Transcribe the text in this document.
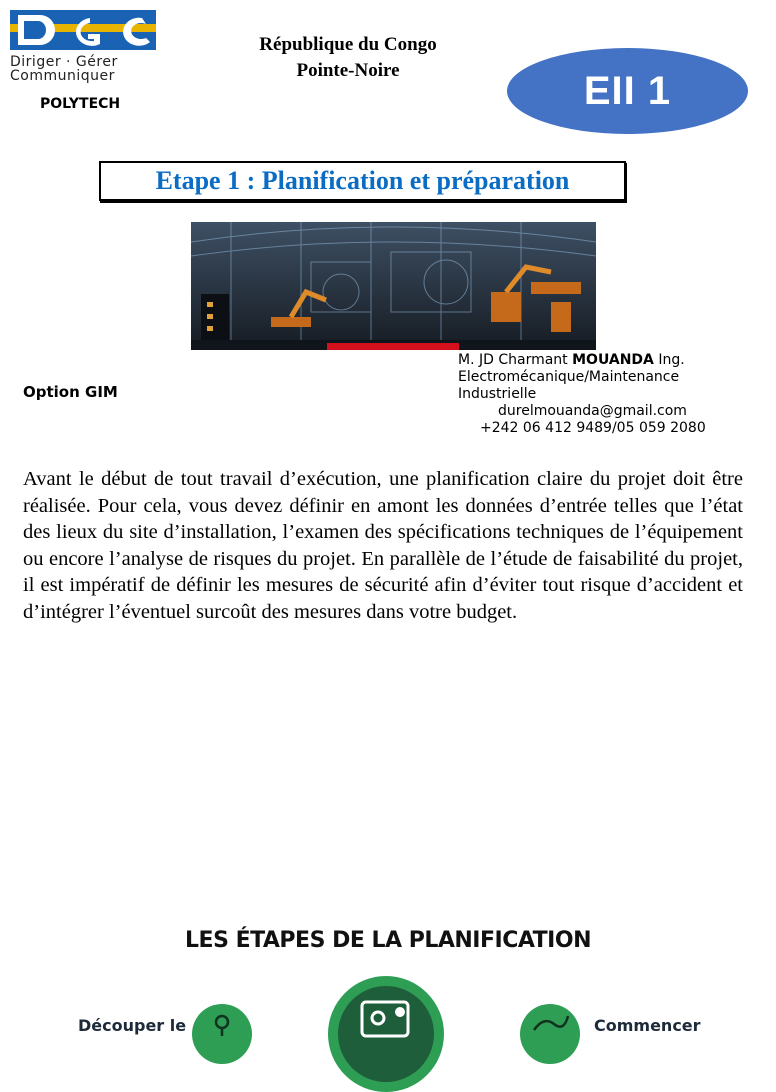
Diriger · Gérer
Communiquer
POLYTECH
République du Congo
Pointe-Noire	EII 1
Etape 1 : Planification et préparation
Option GIM
M. JD Charmant MOUANDA Ing.
Electromécanique/Maintenance
Industrielle
durelmouanda@gmail.com
+242 06 412 9489/05 059 2080
Avant le début de tout travail d’exécution, une planification claire du projet doit être réalisée. Pour cela, vous devez définir en amont les données d’entrée telles que l’état des lieux du site d’installation, l’examen des spécifications techniques de l’équipement ou encore l’analyse de risques du projet. En parallèle de l’étude de faisabilité du projet, il est impératif de définir les mesures de sécurité afin d’éviter tout risque d’accident et d’intégrer l’éventuel surcoût des mesures dans votre budget.
LES ÉTAPES DE LA PLANIFICATION
Découper le	Commencer
